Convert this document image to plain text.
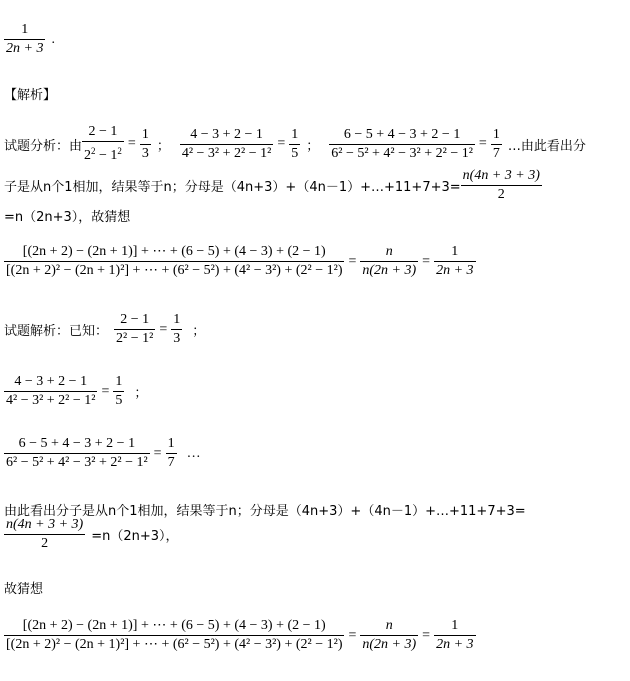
$\frac{1}{2n + 3}$ .
【解析】
试题分析：由 $\frac{2 - 1}{2^2 - 1^2} = \frac{1}{3}$ ； $\frac{4 - 3 + 2 - 1}{\text{4² − 3² + 2² − 1²}} = \frac{1}{5}$ ； $\frac{6 - 5 + 4 - 3 + 2 - 1}{\text{6² − 5² + 4² − 3² + 2² − 1²}} = \frac{1}{7}$ …由此看出分
子是从n个1相加，结果等于n；分母是（4n+3）+（4n－1）+…+11+7+3= $\frac{n(4n + 3 + 3)}{2}$
=n（2n+3），故猜想
[(2n + 2) − (2n + 1)] + ⋯ + (6 − 5) + (4 − 3) + (2 − 1)
[(2n + 2)² − (2n + 1)²] + ⋯ + (6² − 5²) + (4² − 3²) + (2² − 1²)
= $\frac{n}{n(2n + 3)} = \frac{1}{2n + 3}$
试题解析：已知： $\frac{2 - 1}{\text{2² − 1²}} = \frac{1}{3}$ ；
$\frac{4 - 3 + 2 - 1}{\text{4² − 3² + 2² − 1²}} = \frac{1}{5}$ ；
$\frac{6 - 5 + 4 - 3 + 2 - 1}{\text{6² − 5² + 4² − 3² + 2² − 1²}} = \frac{1}{7}$ …
由此看出分子是从n个1相加，结果等于n；分母是（4n+3）+（4n－1）+…+11+7+3=
$\frac{n(4n + 3 + 3)}{2} =n(2n+3)$，
故猜想
[(2n + 2) − (2n + 1)] + ⋯ + (6 − 5) + (4 − 3) + (2 − 1)
[(2n + 2)² − (2n + 1)²] + ⋯ + (6² − 5²) + (4² − 3²) + (2² − 1²)
= $\frac{n}{n(2n + 3)} = \frac{1}{2n + 3}$
